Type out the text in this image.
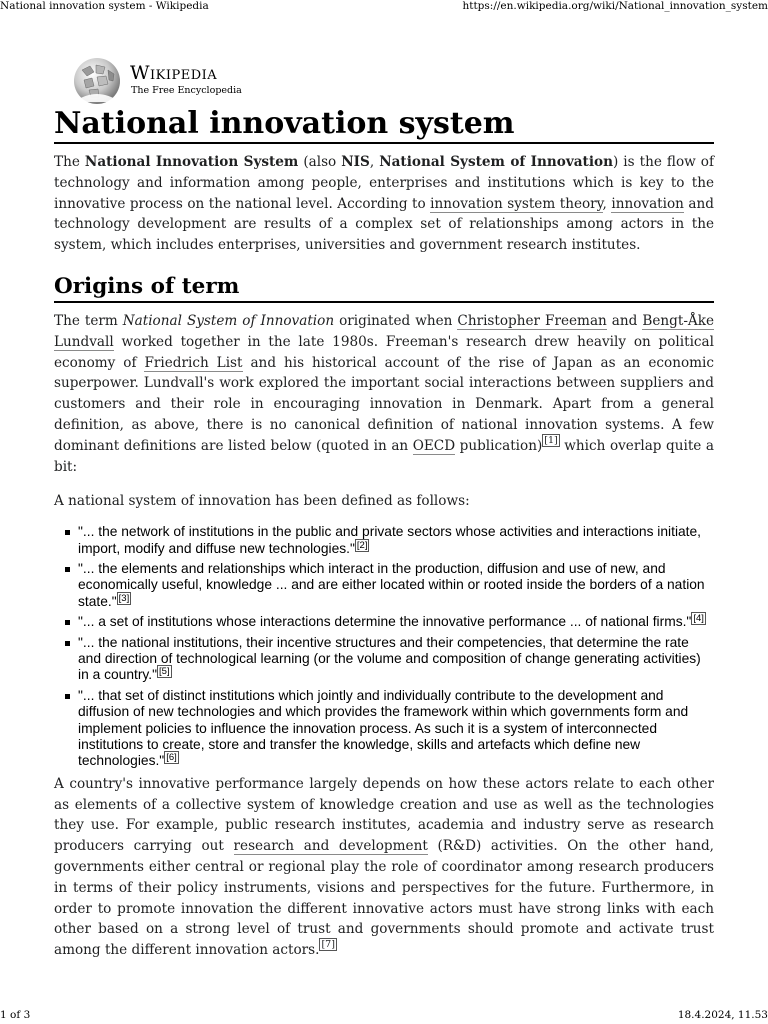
National innovation system - Wikipedia	https://en.wikipedia.org/wiki/National_innovation_system
Wikipedia
The Free Encyclopedia
National innovation system

The National Innovation System (also NIS, National System of Innovation) is the flow of technology and information among people, enterprises and institutions which is key to the innovative process on the national level. According to innovation system theory, innovation and technology development are results of a complex set of relationships among actors in the system, which includes enterprises, universities and government research institutes.

Origins of term

The term National System of Innovation originated when Christopher Freeman and Bengt-Åke Lundvall worked together in the late 1980s. Freeman's research drew heavily on political economy of Friedrich List and his historical account of the rise of Japan as an economic superpower. Lundvall's work explored the important social interactions between suppliers and customers and their role in encouraging innovation in Denmark. Apart from a general definition, as above, there is no canonical definition of national innovation systems. A few dominant definitions are listed below (quoted in an OECD publication) [1] which overlap quite a bit:

A national system of innovation has been defined as follows:

"... the network of institutions in the public and private sectors whose activities and interactions initiate, import, modify and diffuse new technologies." [2]
"... the elements and relationships which interact in the production, diffusion and use of new, and economically useful, knowledge ... and are either located within or rooted inside the borders of a nation state." [3]
"... a set of institutions whose interactions determine the innovative performance ... of national firms." [4]
"... the national institutions, their incentive structures and their competencies, that determine the rate and direction of technological learning (or the volume and composition of change generating activities) in a country." [5]
"... that set of distinct institutions which jointly and individually contribute to the development and diffusion of new technologies and which provides the framework within which governments form and implement policies to influence the innovation process. As such it is a system of interconnected institutions to create, store and transfer the knowledge, skills and artefacts which define new technologies." [6]

A country's innovative performance largely depends on how these actors relate to each other as elements of a collective system of knowledge creation and use as well as the technologies they use. For example, public research institutes, academia and industry serve as research producers carrying out research and development (R&D) activities. On the other hand, governments either central or regional play the role of coordinator among research producers in terms of their policy instruments, visions and perspectives for the future. Furthermore, in order to promote innovation the different innovative actors must have strong links with each other based on a strong level of trust and governments should promote and activate trust among the different innovation actors. [7]

1 of 3	18.4.2024, 11.53
